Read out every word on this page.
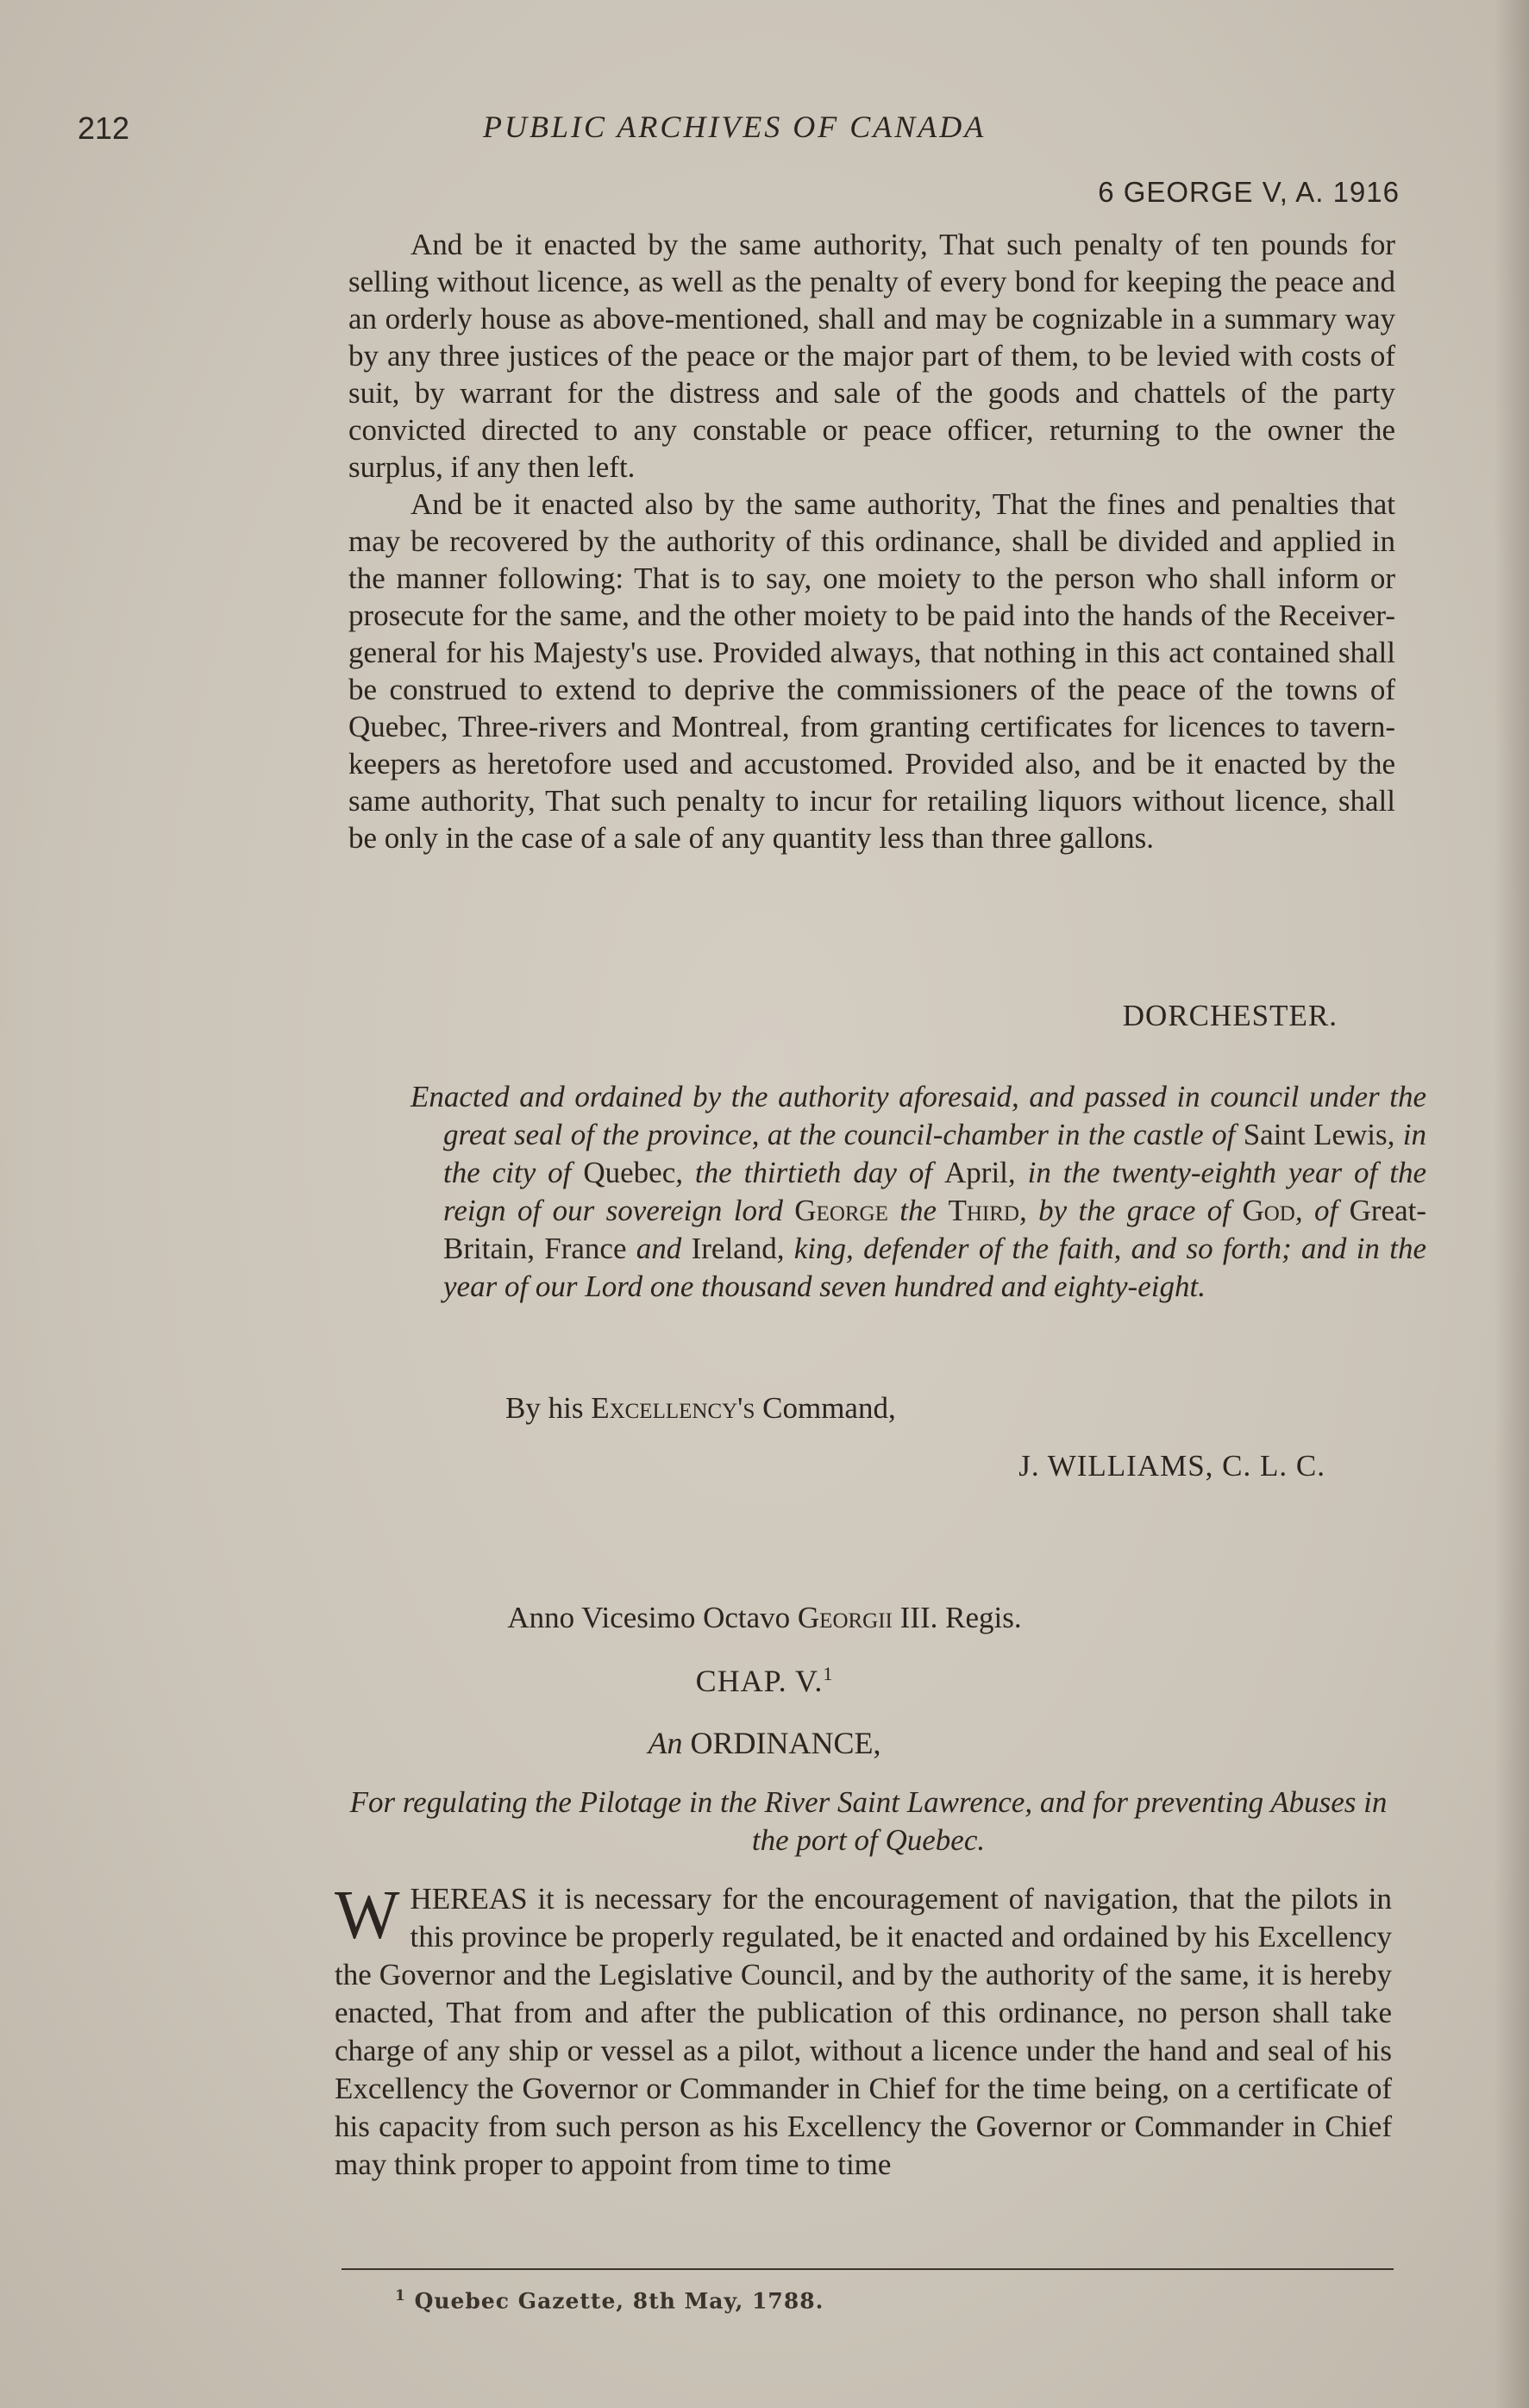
212	PUBLIC ARCHIVES OF CANADA
6 GEORGE V, A. 1916

And be it enacted by the same authority, That such penalty of ten pounds for selling without licence, as well as the penalty of every bond for keeping the peace and an orderly house as above-mentioned, shall and may be cognizable in a summary way by any three justices of the peace or the major part of them, to be levied with costs of suit, by warrant for the distress and sale of the goods and chattels of the party convicted directed to any constable or peace officer, returning to the owner the surplus, if any then left.

And be it enacted also by the same authority, That the fines and penalties that may be recovered by the authority of this ordinance, shall be divided and applied in the manner following: That is to say, one moiety to the person who shall inform or prosecute for the same, and the other moiety to be paid into the hands of the Receiver-general for his Majesty's use. Provided always, that nothing in this act contained shall be construed to extend to deprive the commissioners of the peace of the towns of Quebec, Three-rivers and Montreal, from granting certificates for licences to tavern-keepers as heretofore used and accustomed. Provided also, and be it enacted by the same authority, That such penalty to incur for retailing liquors without licence, shall be only in the case of a sale of any quantity less than three gallons.

DORCHESTER.
Enacted and ordained by the authority aforesaid, and passed in council under the great seal of the province, at the council-chamber in the castle of Saint Lewis, in the city of Quebec, the thirtieth day of April, in the twenty-eighth year of the reign of our sovereign lord George the Third, by the grace of God, of Great-Britain, France and Ireland, king, defender of the faith, and so forth; and in the year of our Lord one thousand seven hundred and eighty-eight.
By his Excellency's Command,
J. WILLIAMS, C. L. C.
Anno Vicesimo Octavo Georgii III. Regis.
CHAP. V.$^1$
An ORDINANCE,
For regulating the Pilotage in the River Saint Lawrence, and for preventing Abuses in the port of Quebec.
WHEREAS it is necessary for the encouragement of navigation, that the pilots in this province be properly regulated, be it enacted and ordained by his Excellency the Governor and the Legislative Council, and by the authority of the same, it is hereby enacted, That from and after the publication of this ordinance, no person shall take charge of any ship or vessel as a pilot, without a licence under the hand and seal of his Excellency the Governor or Commander in Chief for the time being, on a certificate of his capacity from such person as his Excellency the Governor or Commander in Chief may think proper to appoint from time to time
$^1$ Quebec Gazette, 8th May, 1788.
